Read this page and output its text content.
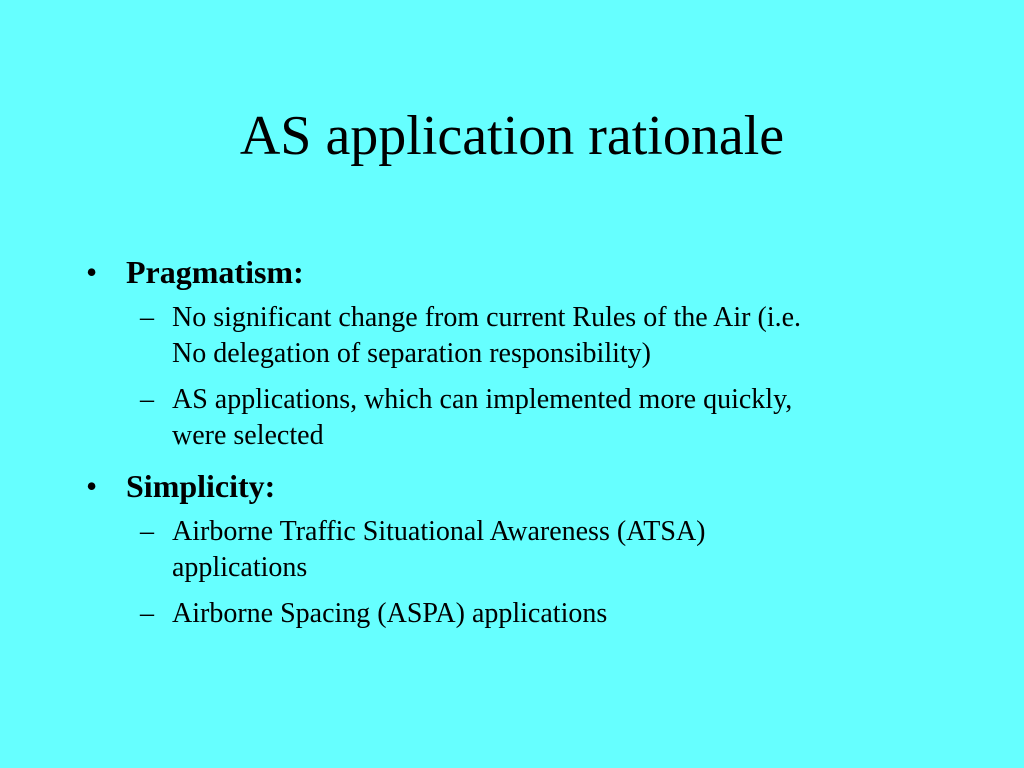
AS application rationale
• Pragmatism:
– No significant change from current Rules of the Air (i.e.
No delegation of separation responsibility)
– AS applications, which can implemented more quickly,
were selected
• Simplicity:
– Airborne Traffic Situational Awareness (ATSA)
applications
– Airborne Spacing (ASPA) applications
